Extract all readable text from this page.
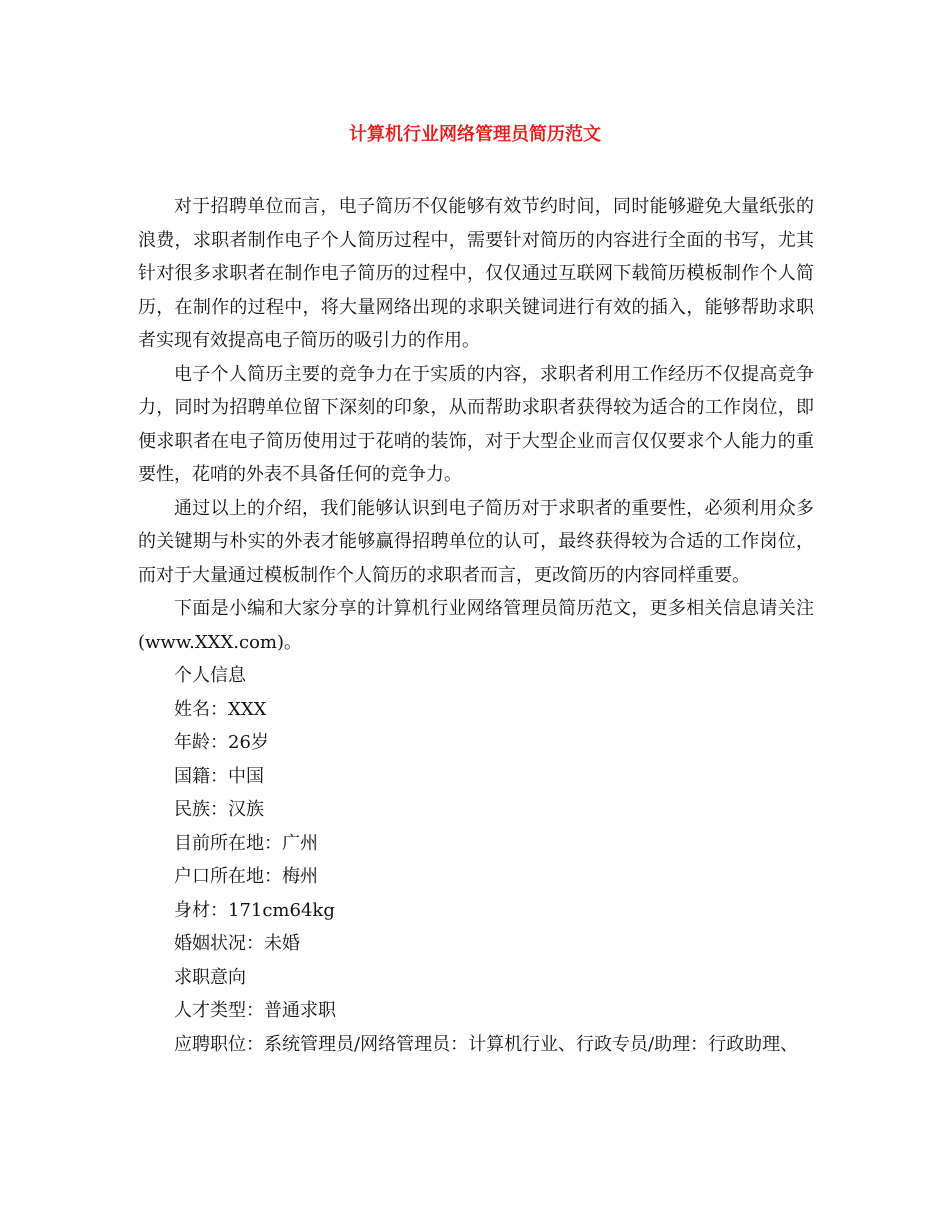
计算机行业网络管理员简历范文

对于招聘单位而言，电子简历不仅能够有效节约时间，同时能够避免大量纸张的浪费，求职者制作电子个人简历过程中，需要针对简历的内容进行全面的书写，尤其针对很多求职者在制作电子简历的过程中，仅仅通过互联网下载简历模板制作个人简历，在制作的过程中，将大量网络出现的求职关键词进行有效的插入，能够帮助求职者实现有效提高电子简历的吸引力的作用。

电子个人简历主要的竞争力在于实质的内容，求职者利用工作经历不仅提高竞争力，同时为招聘单位留下深刻的印象，从而帮助求职者获得较为适合的工作岗位，即便求职者在电子简历使用过于花哨的装饰，对于大型企业而言仅仅要求个人能力的重要性，花哨的外表不具备任何的竞争力。

通过以上的介绍，我们能够认识到电子简历对于求职者的重要性，必须利用众多的关键期与朴实的外表才能够赢得招聘单位的认可，最终获得较为合适的工作岗位，而对于大量通过模板制作个人简历的求职者而言，更改简历的内容同样重要。

下面是小编和大家分享的计算机行业网络管理员简历范文，更多相关信息请关注(www.XXX.com)。

个人信息

姓名：XXX

年龄：26岁

国籍：中国

民族：汉族

目前所在地：广州

户口所在地：梅州

身材：171cm64kg

婚姻状况：未婚

求职意向

人才类型：普通求职

应聘职位：系统管理员/网络管理员：计算机行业、行政专员/助理：行政助理、
